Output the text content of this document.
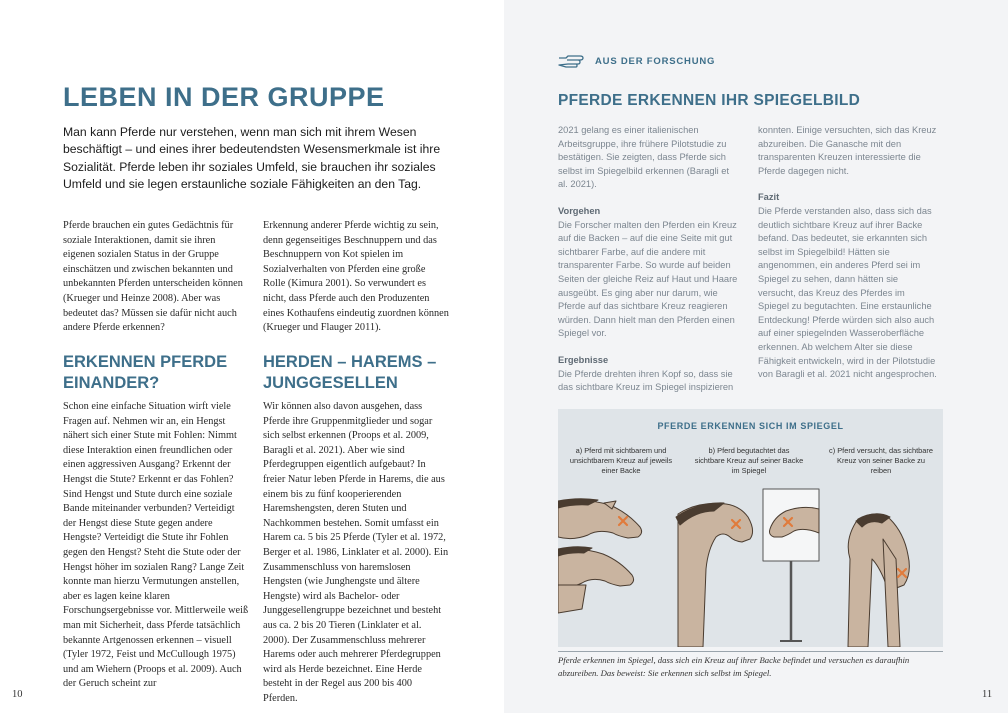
LEBEN IN DER GRUPPE

Man kann Pferde nur verstehen, wenn man sich mit ihrem Wesen beschäftigt – und eines ihrer bedeutendsten Wesensmerkmale ist ihre Sozialität. Pferde leben ihr soziales Umfeld, sie brauchen ihr soziales Umfeld und sie legen erstaunliche soziale Fähigkeiten an den Tag.

Pferde brauchen ein gutes Gedächtnis für soziale Interaktionen, damit sie ihren eigenen sozialen Status in der Gruppe einschätzen und zwischen bekannten und unbekannten Pferden unterscheiden können (Krueger und Heinze 2008). Aber was bedeutet das? Müssen sie dafür nicht auch andere Pferde erkennen?

Erkennung anderer Pferde wichtig zu sein, denn gegenseitiges Beschnuppern und das Beschnuppern von Kot spielen im Sozialverhalten von Pferden eine große Rolle (Kimura 2001). So verwundert es nicht, dass Pferde auch den Produzenten eines Kothaufens eindeutig zuordnen können (Krueger und Flauger 2011).

ERKENNEN PFERDE EINANDER?
HERDEN – HAREMS – JUNGGESELLEN

Schon eine einfache Situation wirft viele Fragen auf. Nehmen wir an, ein Hengst nähert sich einer Stute mit Fohlen: Nimmt diese Interaktion einen freundlichen oder einen aggressiven Ausgang? Erkennt der Hengst die Stute? Erkennt er das Fohlen? Sind Hengst und Stute durch eine soziale Bande miteinander verbunden? Verteidigt der Hengst diese Stute gegen andere Hengste? Verteidigt die Stute ihr Fohlen gegen den Hengst? Steht die Stute oder der Hengst höher im sozialen Rang? Lange Zeit konnte man hierzu Vermutungen anstellen, aber es lagen keine klaren Forschungsergebnisse vor. Mittlerweile weiß man mit Sicherheit, dass Pferde tatsächlich bekannte Artgenossen erkennen – visuell (Tyler 1972, Feist und McCullough 1975) und am Wiehern (Proops et al. 2009). Auch der Geruch scheint zur

Wir können also davon ausgehen, dass Pferde ihre Gruppenmitglieder und sogar sich selbst erkennen (Proops et al. 2009, Baragli et al. 2021). Aber wie sind Pferdegruppen eigentlich aufgebaut? In freier Natur leben Pferde in Harems, die aus einem bis zu fünf kooperierenden Haremshengsten, deren Stuten und Nachkommen bestehen. Somit umfasst ein Harem ca. 5 bis 25 Pferde (Tyler et al. 1972, Berger et al. 1986, Linklater et al. 2000). Ein Zusammenschluss von haremslosen Hengsten (wie Junghengste und ältere Hengste) wird als Bachelor- oder Junggesellengruppe bezeichnet und besteht aus ca. 2 bis 20 Tieren (Linklater et al. 2000). Der Zusammenschluss mehrerer Harems oder auch mehrerer Pferdegruppen wird als Herde bezeichnet. Eine Herde besteht in der Regel aus 200 bis 400 Pferden.

10
AUS DER FORSCHUNG
PFERDE ERKENNEN IHR SPIEGELBILD

2021 gelang es einer italienischen Arbeitsgruppe, ihre frühere Pilotstudie zu bestätigen. Sie zeigten, dass Pferde sich selbst im Spiegelbild erkennen (Baragli et al. 2021).

Vorgehen

Die Forscher malten den Pferden ein Kreuz auf die Backen – auf die eine Seite mit gut sichtbarer Farbe, auf die andere mit transparenter Farbe. So wurde auf beiden Seiten der gleiche Reiz auf Haut und Haare ausgeübt. Es ging aber nur darum, wie Pferde auf das sichtbare Kreuz reagieren würden. Dann hielt man den Pferden einen Spiegel vor.

Ergebnisse

Die Pferde drehten ihren Kopf so, dass sie das sichtbare Kreuz im Spiegel inspizieren

konnten. Einige versuchten, sich das Kreuz abzureiben. Die Ganasche mit den transparenten Kreuzen interessierte die Pferde dagegen nicht.

Fazit

Die Pferde verstanden also, dass sich das deutlich sichtbare Kreuz auf ihrer Backe befand. Das bedeutet, sie erkannten sich selbst im Spiegelbild! Hätten sie angenommen, ein anderes Pferd sei im Spiegel zu sehen, dann hätten sie versucht, das Kreuz des Pferdes im Spiegel zu begutachten. Eine erstaunliche Entdeckung! Pferde würden sich also auch auf einer spiegelnden Wasseroberfläche erkennen. Ab welchem Alter sie diese Fähigkeit entwickeln, wird in der Pilotstudie von Baragli et al. 2021 nicht angesprochen.

PFERDE ERKENNEN SICH IM SPIEGEL
a) Pferd mit sichtbarem und unsichtbarem Kreuz auf jeweils einer Backe
b) Pferd begutachtet das sichtbare Kreuz auf seiner Backe im Spiegel
c) Pferd versucht, das sichtbare Kreuz von seiner Backe zu reiben

Pferde erkennen im Spiegel, dass sich ein Kreuz auf ihrer Backe befindet und versuchen es daraufhin abzureiben. Das beweist: Sie erkennen sich selbst im Spiegel.

11
